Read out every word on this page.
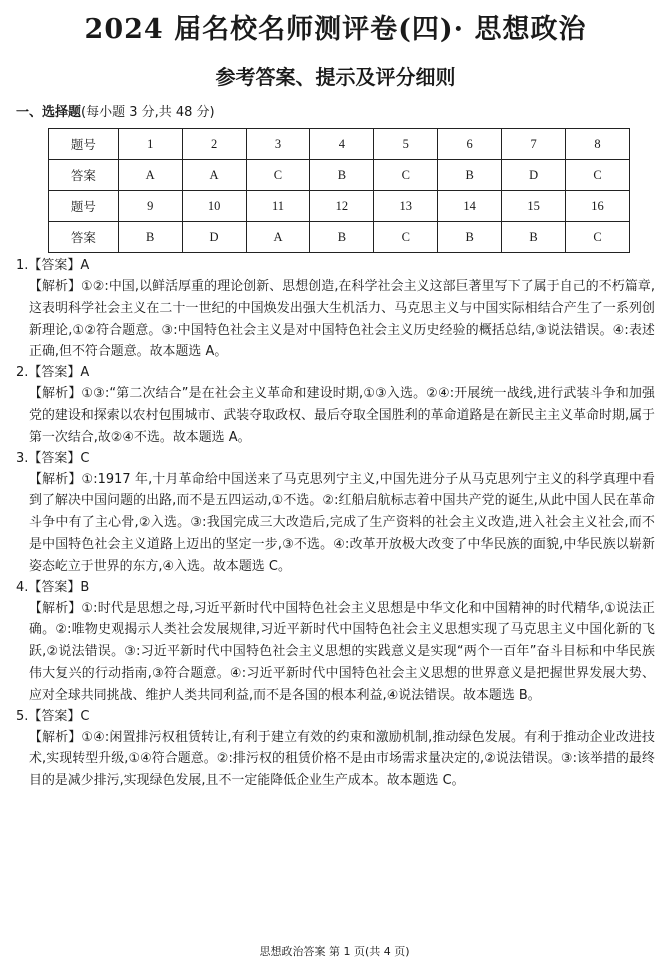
2024 届名校名师测评卷(四)· 思想政治
参考答案、提示及评分细则
一、选择题(每小题 3 分,共 48 分)
题号	1	2	3	4	5	6	7	8
答案	A	A	C	B	C	B	D	C
题号	9	10	11	12	13	14	15	16
答案	B	D	A	B	C	B	B	C

1.【答案】A

【解析】①②:中国,以鲜活厚重的理论创新、思想创造,在科学社会主义这部巨著里写下了属于自己的不朽篇章,这表明科学社会主义在二十一世纪的中国焕发出强大生机活力、马克思主义与中国实际相结合产生了一系列创新理论,①②符合题意。③:中国特色社会主义是对中国特色社会主义历史经验的概括总结,③说法错误。④:表述正确,但不符合题意。故本题选 A。

2.【答案】A

【解析】①③:“第二次结合”是在社会主义革命和建设时期,①③入选。②④:开展统一战线,进行武装斗争和加强党的建设和探索以农村包围城市、武装夺取政权、最后夺取全国胜利的革命道路是在新民主主义革命时期,属于第一次结合,故②④不选。故本题选 A。

3.【答案】C

【解析】①:1917 年,十月革命给中国送来了马克思列宁主义,中国先进分子从马克思列宁主义的科学真理中看到了解决中国问题的出路,而不是五四运动,①不选。②:红船启航标志着中国共产党的诞生,从此中国人民在革命斗争中有了主心骨,②入选。③:我国完成三大改造后,完成了生产资料的社会主义改造,进入社会主义社会,而不是中国特色社会主义道路上迈出的坚定一步,③不选。④:改革开放极大改变了中华民族的面貌,中华民族以崭新姿态屹立于世界的东方,④入选。故本题选 C。

4.【答案】B

【解析】①:时代是思想之母,习近平新时代中国特色社会主义思想是中华文化和中国精神的时代精华,①说法正确。②:唯物史观揭示人类社会发展规律,习近平新时代中国特色社会主义思想实现了马克思主义中国化新的飞跃,②说法错误。③:习近平新时代中国特色社会主义思想的实践意义是实现“两个一百年”奋斗目标和中华民族伟大复兴的行动指南,③符合题意。④:习近平新时代中国特色社会主义思想的世界意义是把握世界发展大势、应对全球共同挑战、维护人类共同利益,而不是各国的根本利益,④说法错误。故本题选 B。

5.【答案】C

【解析】①④:闲置排污权租赁转让,有利于建立有效的约束和激励机制,推动绿色发展。有利于推动企业改进技术,实现转型升级,①④符合题意。②:排污权的租赁价格不是由市场需求量决定的,②说法错误。③:该举措的最终目的是减少排污,实现绿色发展,且不一定能降低企业生产成本。故本题选 C。

思想政治答案 第 1 页(共 4 页)
